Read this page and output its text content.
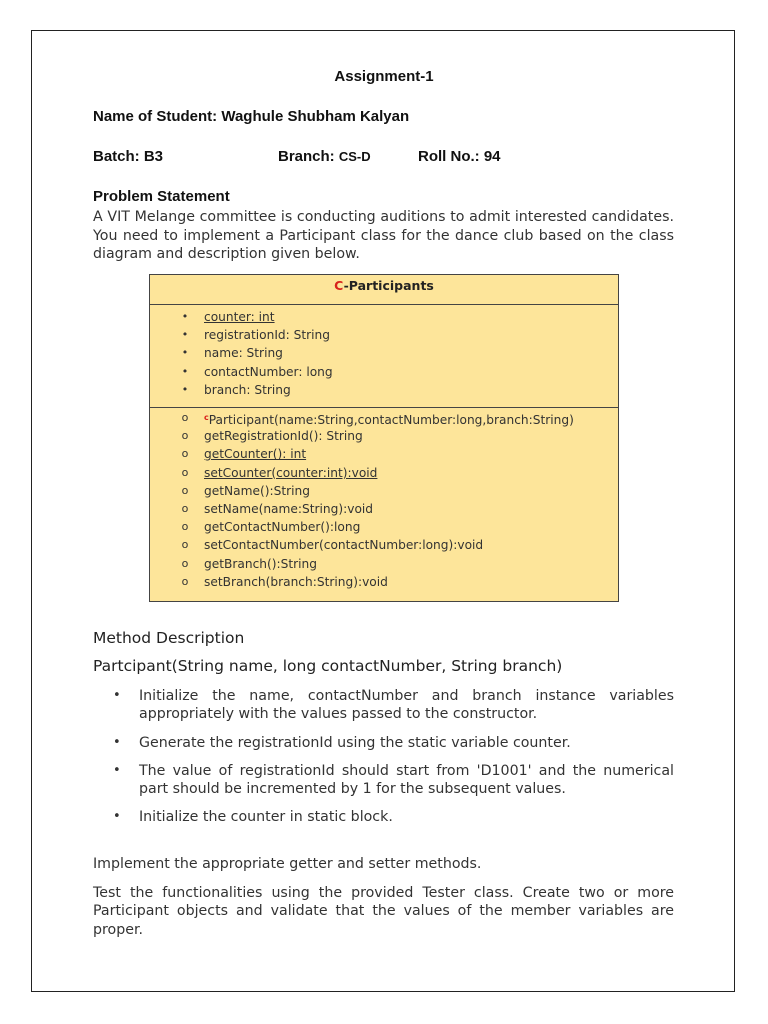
Assignment-1
Name of Student: Waghule Shubham Kalyan
Batch: B3	Branch: CS-D	Roll No.: 94
Problem Statement
A VIT Melange committee is conducting auditions to admit interested candidates. You need to implement a Participant class for the dance club based on the class diagram and description given below.
C-Participants
• counter: int
• registrationId: String
• name: String
• contactNumber: long
• branch: String
o	$^c$Participant(name:String,contactNumber:long,branch:String)
o getRegistrationId(): String
o getCounter(): int
o setCounter(counter:int):void
o getName():String
o setName(name:String):void
o getContactNumber():long
o setContactNumber(contactNumber:long):void
o getBranch():String
o setBranch(branch:String):void
Method Description
Partcipant(String name, long contactNumber, String branch)
• Initialize the name, contactNumber and branch instance variables appropriately with the values passed to the constructor.
• Generate the registrationId using the static variable counter.
• The value of registrationId should start from 'D1001' and the numerical part should be incremented by 1 for the subsequent values.
• Initialize the counter in static block.
Implement the appropriate getter and setter methods.
Test the functionalities using the provided Tester class. Create two or more Participant objects and validate that the values of the member variables are proper.
